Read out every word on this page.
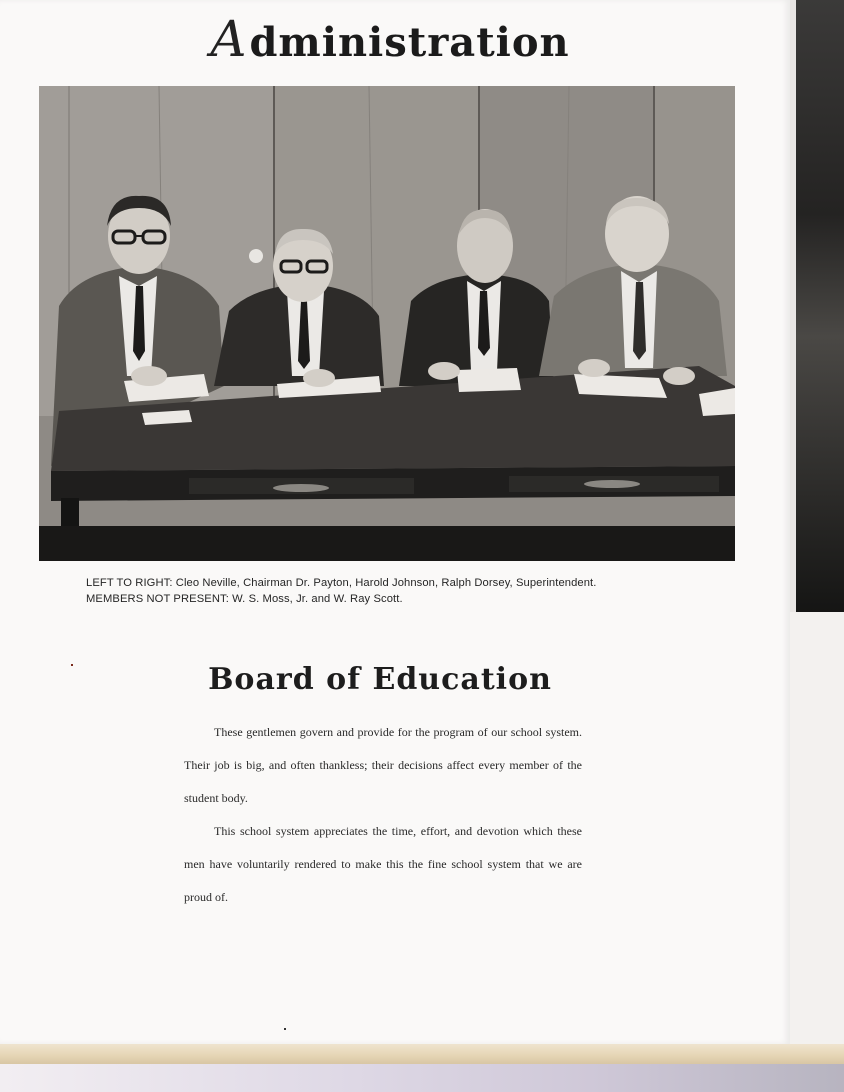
Administration
LEFT TO RIGHT: Cleo Neville, Chairman Dr. Payton, Harold Johnson, Ralph Dorsey, Superintendent.
MEMBERS NOT PRESENT: W. S. Moss, Jr. and W. Ray Scott.
Board of Education

These gentlemen govern and provide for the program of our school system. Their job is big, and often thankless; their decisions affect every member of the student body.

This school system appreciates the time, effort, and devotion which these men have voluntarily rendered to make this the fine school system that we are proud of.
